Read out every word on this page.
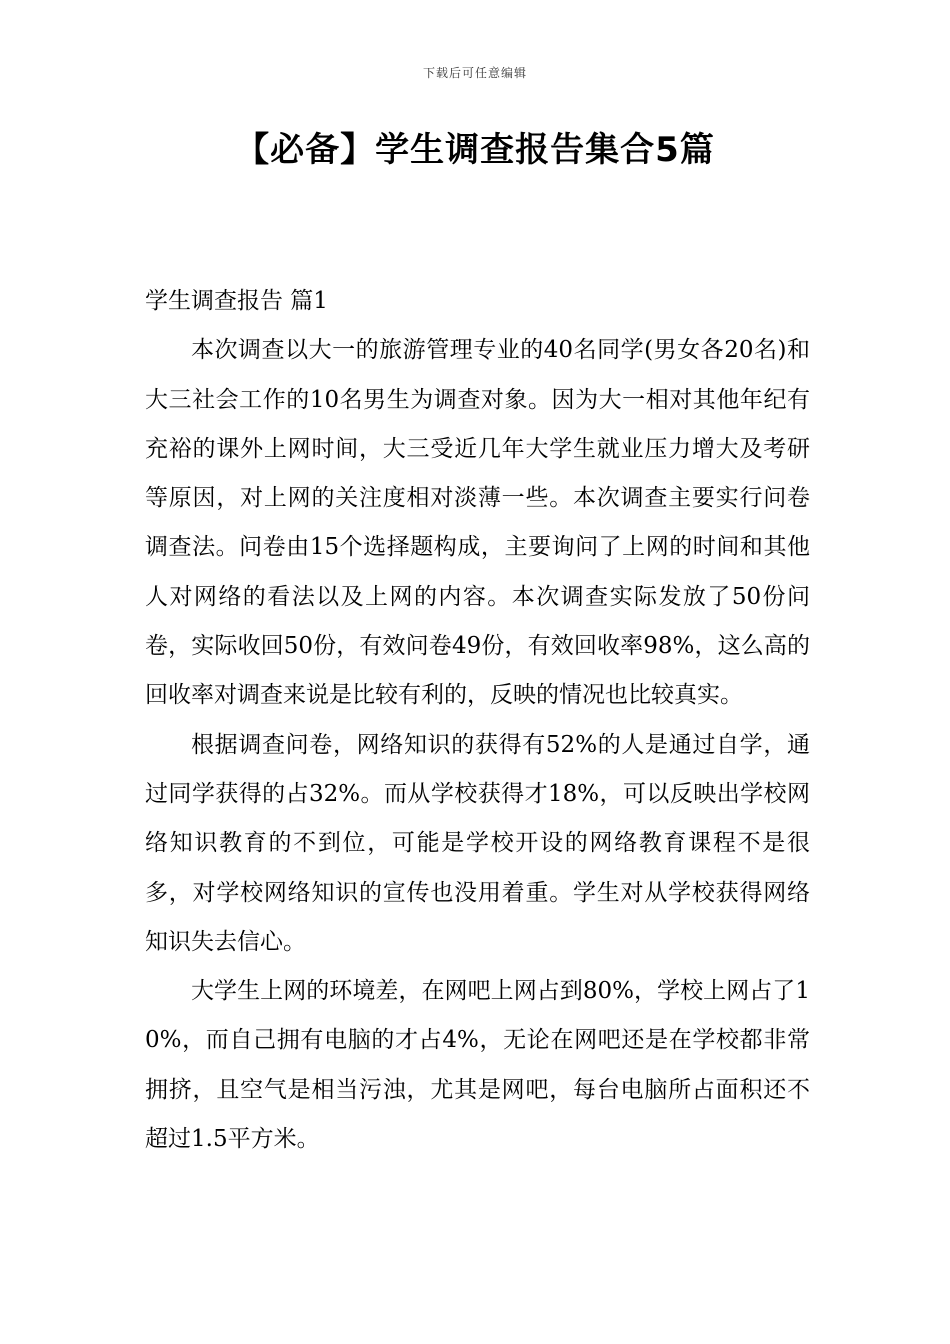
下载后可任意编辑
【必备】学生调查报告集合5篇

学生调查报告 篇1

本次调查以大一的旅游管理专业的40名同学(男女各20名)和大三社会工作的10名男生为调查对象。因为大一相对其他年纪有充裕的课外上网时间，大三受近几年大学生就业压力增大及考研等原因，对上网的关注度相对淡薄一些。本次调查主要实行问卷调查法。问卷由15个选择题构成，主要询问了上网的时间和其他人对网络的看法以及上网的内容。本次调查实际发放了50份问卷，实际收回50份，有效问卷49份，有效回收率98%，这么高的回收率对调查来说是比较有利的，反映的情况也比较真实。

根据调查问卷，网络知识的获得有52%的人是通过自学，通过同学获得的占32%。而从学校获得才18%，可以反映出学校网络知识教育的不到位，可能是学校开设的网络教育课程不是很多，对学校网络知识的宣传也没用着重。学生对从学校获得网络知识失去信心。

大学生上网的环境差，在网吧上网占到80%，学校上网占了10%，而自己拥有电脑的才占4%，无论在网吧还是在学校都非常拥挤，且空气是相当污浊，尤其是网吧，每台电脑所占面积还不超过1.5平方米。
